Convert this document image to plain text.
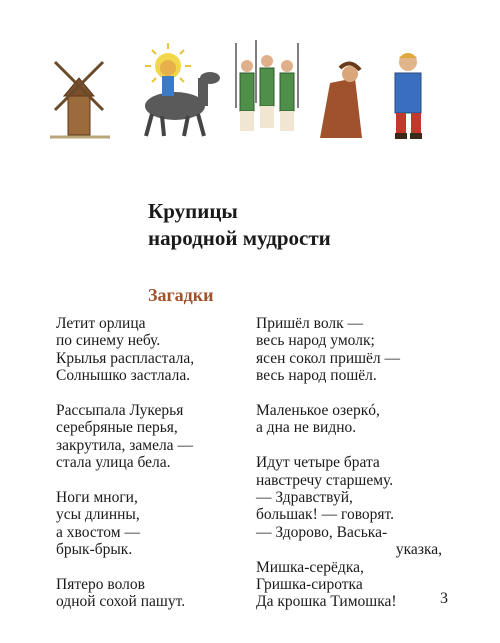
Крупицы
народной мудрости
Загадки
Летит орлица
по синему небу.
Крылья распластала,
Солнышко застлала.
Рассыпала Лукерья
серебряные перья,
закрутила, замела —
стала улица бела.
Ноги многи,
усы длинны,
а хвостом —
брык-брык.
Пятеро волов
одной сохой пашут.
Пришёл волк —
весь народ умолк;
ясен сокол пришёл —
весь народ пошёл.
Маленькое озеркó,
а дна не видно.
Идут четыре брата
навстречу старшему.
— Здравствуй,
большак! — говорят.
— Здорово, Васька-
указка,
Мишка-серёдка,
Гришка-сиротка
Да крошка Тимошка!	3
